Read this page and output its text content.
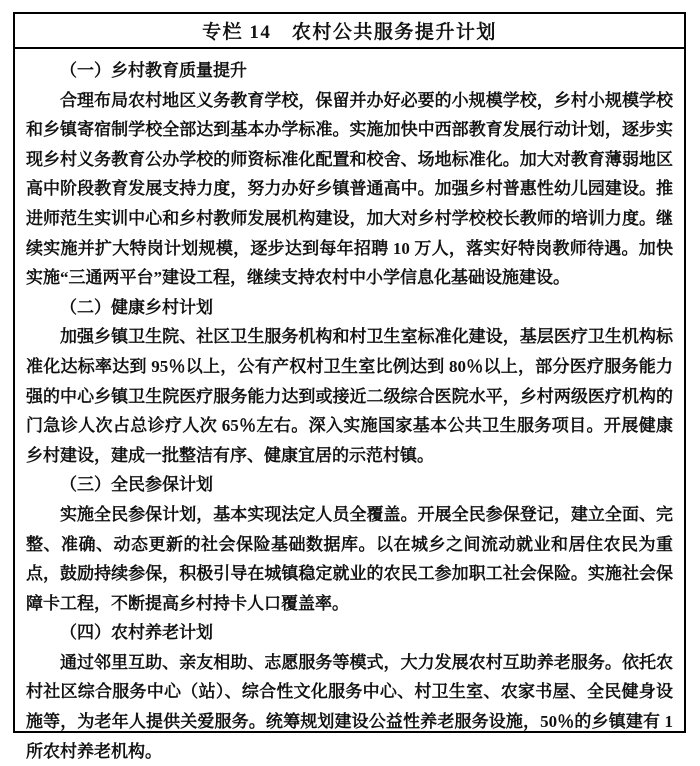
专栏 14　农村公共服务提升计划
（一）乡村教育质量提升

合理布局农村地区义务教育学校，保留并办好必要的小规模学校，乡村小规模学校和乡镇寄宿制学校全部达到基本办学标准。实施加快中西部教育发展行动计划，逐步实现乡村义务教育公办学校的师资标准化配置和校舍、场地标准化。加大对教育薄弱地区高中阶段教育发展支持力度，努力办好乡镇普通高中。加强乡村普惠性幼儿园建设。推进师范生实训中心和乡村教师发展机构建设，加大对乡村学校校长教师的培训力度。继续实施并扩大特岗计划规模，逐步达到每年招聘 10 万人，落实好特岗教师待遇。加快实施“三通两平台”建设工程，继续支持农村中小学信息化基础设施建设。

（二）健康乡村计划

加强乡镇卫生院、社区卫生服务机构和村卫生室标准化建设，基层医疗卫生机构标准化达标率达到 95％以上，公有产权村卫生室比例达到 80％以上，部分医疗服务能力强的中心乡镇卫生院医疗服务能力达到或接近二级综合医院水平，乡村两级医疗机构的门急诊人次占总诊疗人次 65％左右。深入实施国家基本公共卫生服务项目。开展健康乡村建设，建成一批整洁有序、健康宜居的示范村镇。

（三）全民参保计划

实施全民参保计划，基本实现法定人员全覆盖。开展全民参保登记，建立全面、完整、准确、动态更新的社会保险基础数据库。以在城乡之间流动就业和居住农民为重点，鼓励持续参保，积极引导在城镇稳定就业的农民工参加职工社会保险。实施社会保障卡工程，不断提高乡村持卡人口覆盖率。

（四）农村养老计划

通过邻里互助、亲友相助、志愿服务等模式，大力发展农村互助养老服务。依托农村社区综合服务中心（站）、综合性文化服务中心、村卫生室、农家书屋、全民健身设施等，为老年人提供关爱服务。统筹规划建设公益性养老服务设施，50％的乡镇建有 1 所农村养老机构。
